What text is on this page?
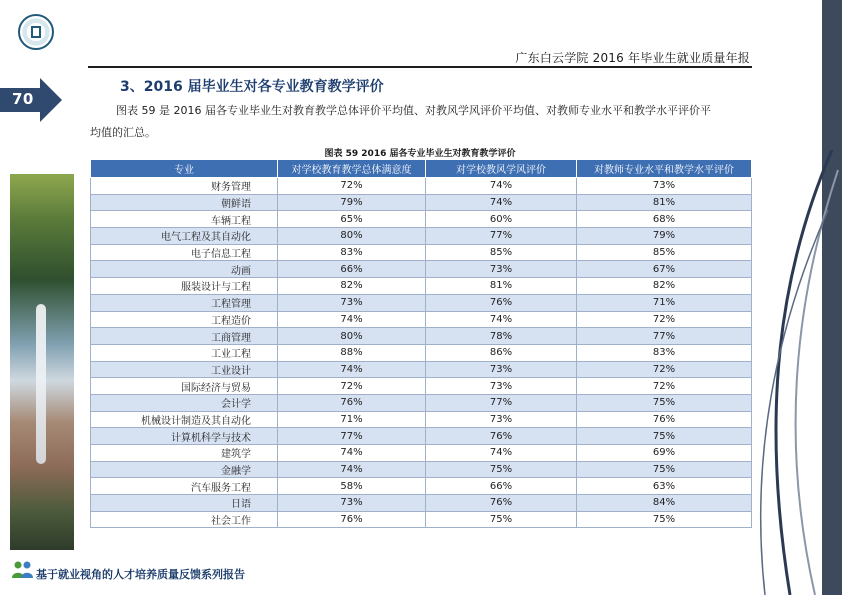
广东白云学院 2016 年毕业生就业质量年报
70
3、2016 届毕业生对各专业教育教学评价
图表 59 是 2016 届各专业毕业生对教育教学总体评价平均值、对教风学风评价平均值、对教师专业水平和教学水平评价平
均值的汇总。
图表 59 2016 届各专业毕业生对教育教学评价
专业	对学校教育教学总体满意度	对学校教风学风评价	对教师专业水平和教学水平评价
财务管理	72%	74%	73%
朝鲜语	79%	74%	81%
车辆工程	65%	60%	68%
电气工程及其自动化	80%	77%	79%
电子信息工程	83%	85%	85%
动画	66%	73%	67%
服装设计与工程	82%	81%	82%
工程管理	73%	76%	71%
工程造价	74%	74%	72%
工商管理	80%	78%	77%
工业工程	88%	86%	83%
工业设计	74%	73%	72%
国际经济与贸易	72%	73%	72%
会计学	76%	77%	75%
机械设计制造及其自动化	71%	73%	76%
计算机科学与技术	77%	76%	75%
建筑学	74%	74%	69%
金融学	74%	75%	75%
汽车服务工程	58%	66%	63%
日语	73%	76%	84%
社会工作	76%	75%	75%
基于就业视角的人才培养质量反馈系列报告
